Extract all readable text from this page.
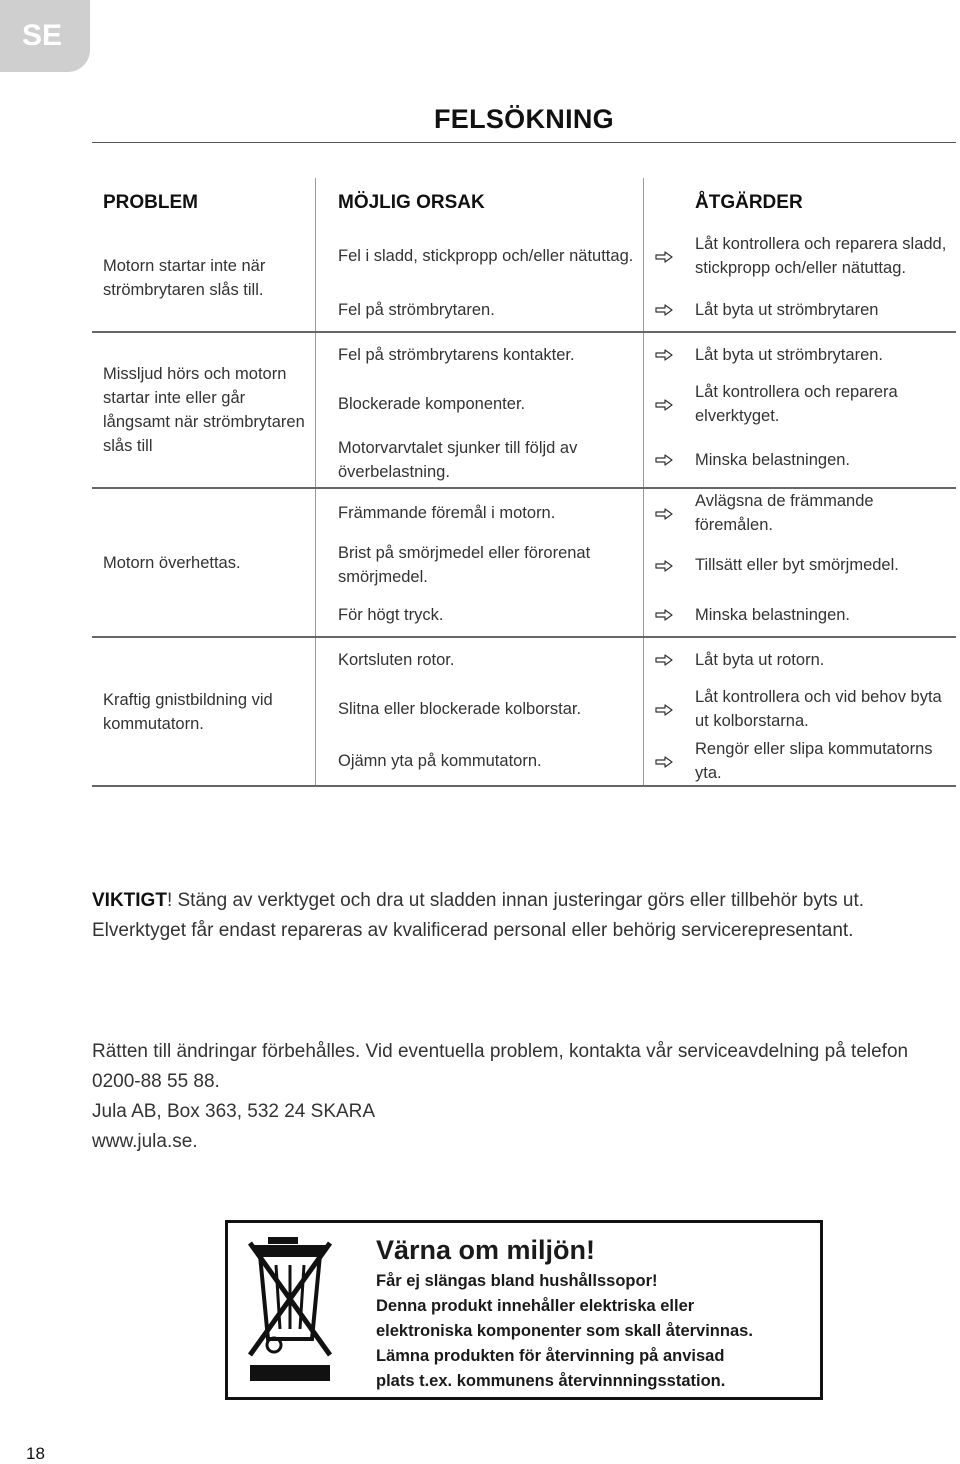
SE
FELSÖKNING
PROBLEM	MÖJLIG ORSAK		ÅTGÄRDER
Motorn startar inte när strömbrytaren slås till.	Fel i sladd, stickpropp och/eller nätuttag.		Låt kontrollera och reparera sladd, stickpropp och/eller nätuttag.
	Fel på strömbrytaren.		Låt byta ut strömbrytaren
Missljud hörs och motorn startar inte eller går långsamt när strömbrytaren slås till	Fel på strömbrytarens kontakter.		Låt byta ut strömbrytaren.
	Blockerade komponenter.		Låt kontrollera och reparera elverktyget.
	Motorvarvtalet sjunker till följd av överbelastning.		Minska belastningen.
Motorn överhettas.	Främmande föremål i motorn.		Avlägsna de främmande föremålen.
	Brist på smörjmedel eller förorenat smörjmedel.		Tillsätt eller byt smörjmedel.
	För högt tryck.		Minska belastningen.
Kraftig gnistbildning vid kommutatorn.	Kortsluten rotor.		Låt byta ut rotorn.
	Slitna eller blockerade kolborstar.		Låt kontrollera och vid behov byta ut kolborstarna.
	Ojämn yta på kommutatorn.		Rengör eller slipa kommutatorns yta.
VIKTIGT! Stäng av verktyget och dra ut sladden innan justeringar görs eller tillbehör byts ut. Elverktyget får endast repareras av kvalificerad personal eller behörig servicerepresentant.
Rätten till ändringar förbehålles. Vid eventuella problem, kontakta vår serviceavdelning på telefon 0200-88 55 88.
Jula AB, Box 363, 532 24 SKARA
www.jula.se.
Värna om miljön!
Får ej slängas bland hushållssopor!
Denna produkt innehåller elektriska eller
elektroniska komponenter som skall återvinnas.
Lämna produkten för återvinning på anvisad
plats t.ex. kommunens återvinnningsstation.
18
